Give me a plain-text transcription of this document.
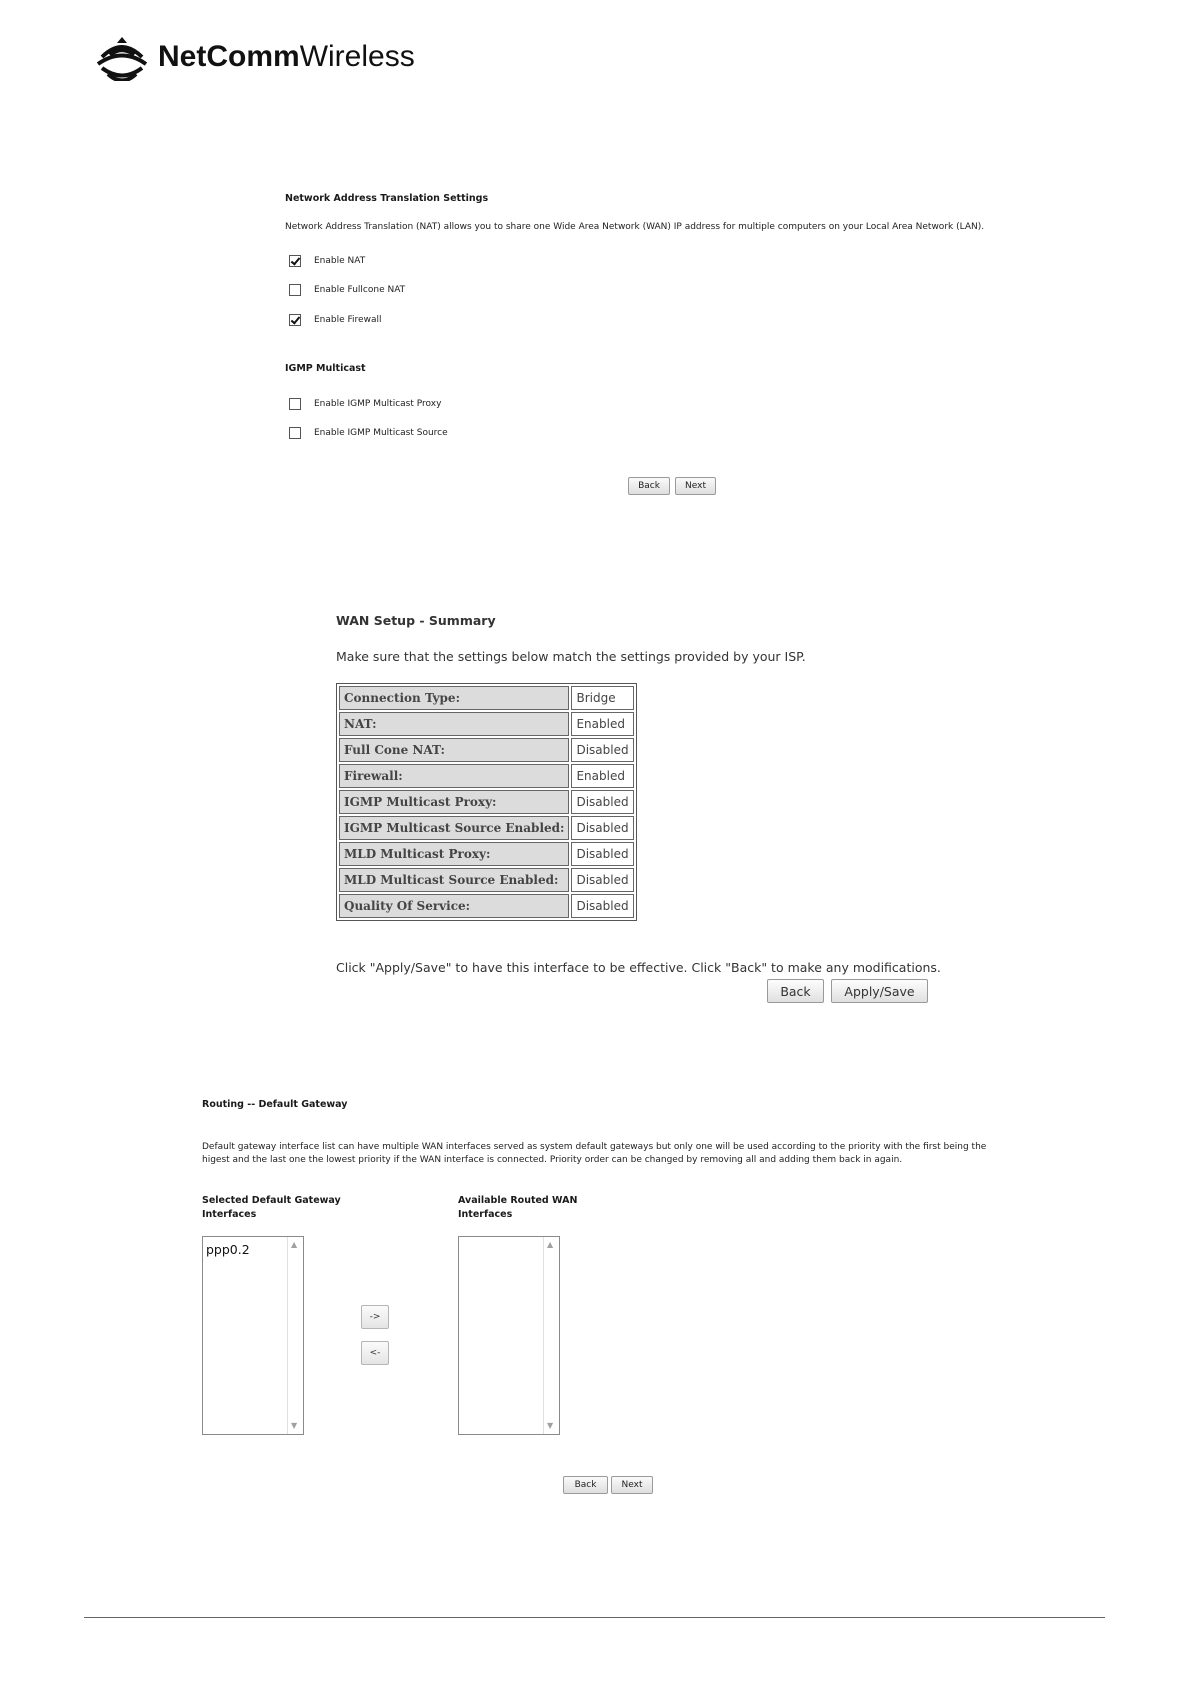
NetCommWireless
Network Address Translation Settings
Network Address Translation (NAT) allows you to share one Wide Area Network (WAN) IP address for multiple computers on your Local Area Network (LAN).
Enable NAT
Enable Fullcone NAT
Enable Firewall
IGMP Multicast
Enable IGMP Multicast Proxy
Enable IGMP Multicast Source
Back	Next
WAN Setup - Summary
Make sure that the settings below match the settings provided by your ISP.
Connection Type:	Bridge
NAT:	Enabled
Full Cone NAT:	Disabled
Firewall:	Enabled
IGMP Multicast Proxy:	Disabled
IGMP Multicast Source Enabled:	Disabled
MLD Multicast Proxy:	Disabled
MLD Multicast Source Enabled:	Disabled
Quality Of Service:	Disabled
Click "Apply/Save" to have this interface to be effective. Click "Back" to make any modifications.
Back	Apply/Save
Routing -- Default Gateway
Default gateway interface list can have multiple WAN interfaces served as system default gateways but only one will be used according to the priority with the first being the higest and the last one the lowest priority if the WAN interface is connected. Priority order can be changed by removing all and adding them back in again.
Selected Default Gateway Interfaces
Available Routed WAN Interfaces
ppp0.2	▲
▼
->
<-
▲
▼
Back	Next
